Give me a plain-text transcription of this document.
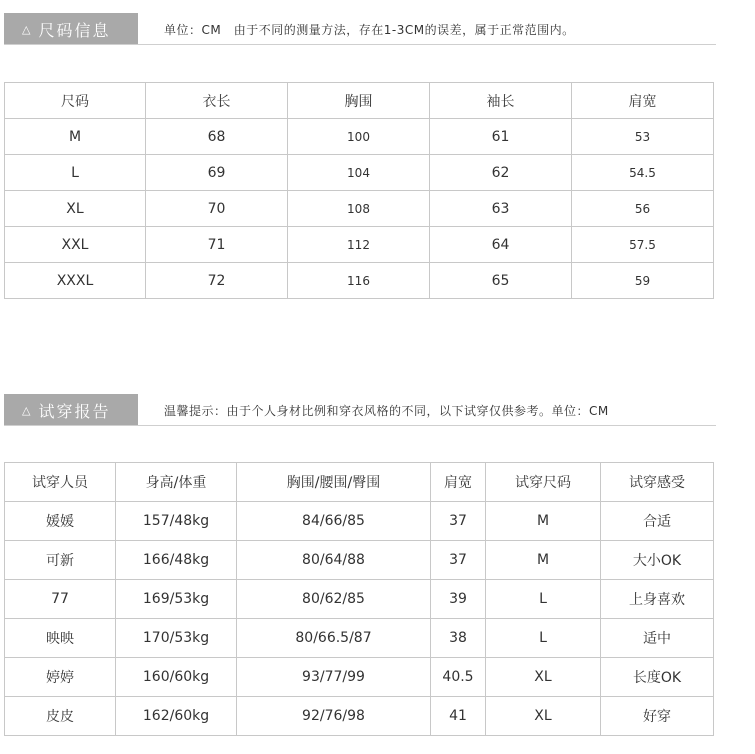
△ 尺码信息	单位：CM　由于不同的测量方法，存在1-3CM的误差，属于正常范围内。
尺码	衣长	胸围	袖长	肩宽
M	68	100	61	53
L	69	104	62	54.5
XL	70	108	63	56
XXL	71	112	64	57.5
XXXL	72	116	65	59
△ 试穿报告	温馨提示：由于个人身材比例和穿衣风格的不同，以下试穿仅供参考。单位：CM
试穿人员	身高/体重	胸围/腰围/臀围	肩宽	试穿尺码	试穿感受
媛媛	157/48kg	84/66/85	37	M	合适
可新	166/48kg	80/64/88	37	M	大小OK
77	169/53kg	80/62/85	39	L	上身喜欢
映映	170/53kg	80/66.5/87	38	L	适中
婷婷	160/60kg	93/77/99	40.5	XL	长度OK
皮皮	162/60kg	92/76/98	41	XL	好穿
